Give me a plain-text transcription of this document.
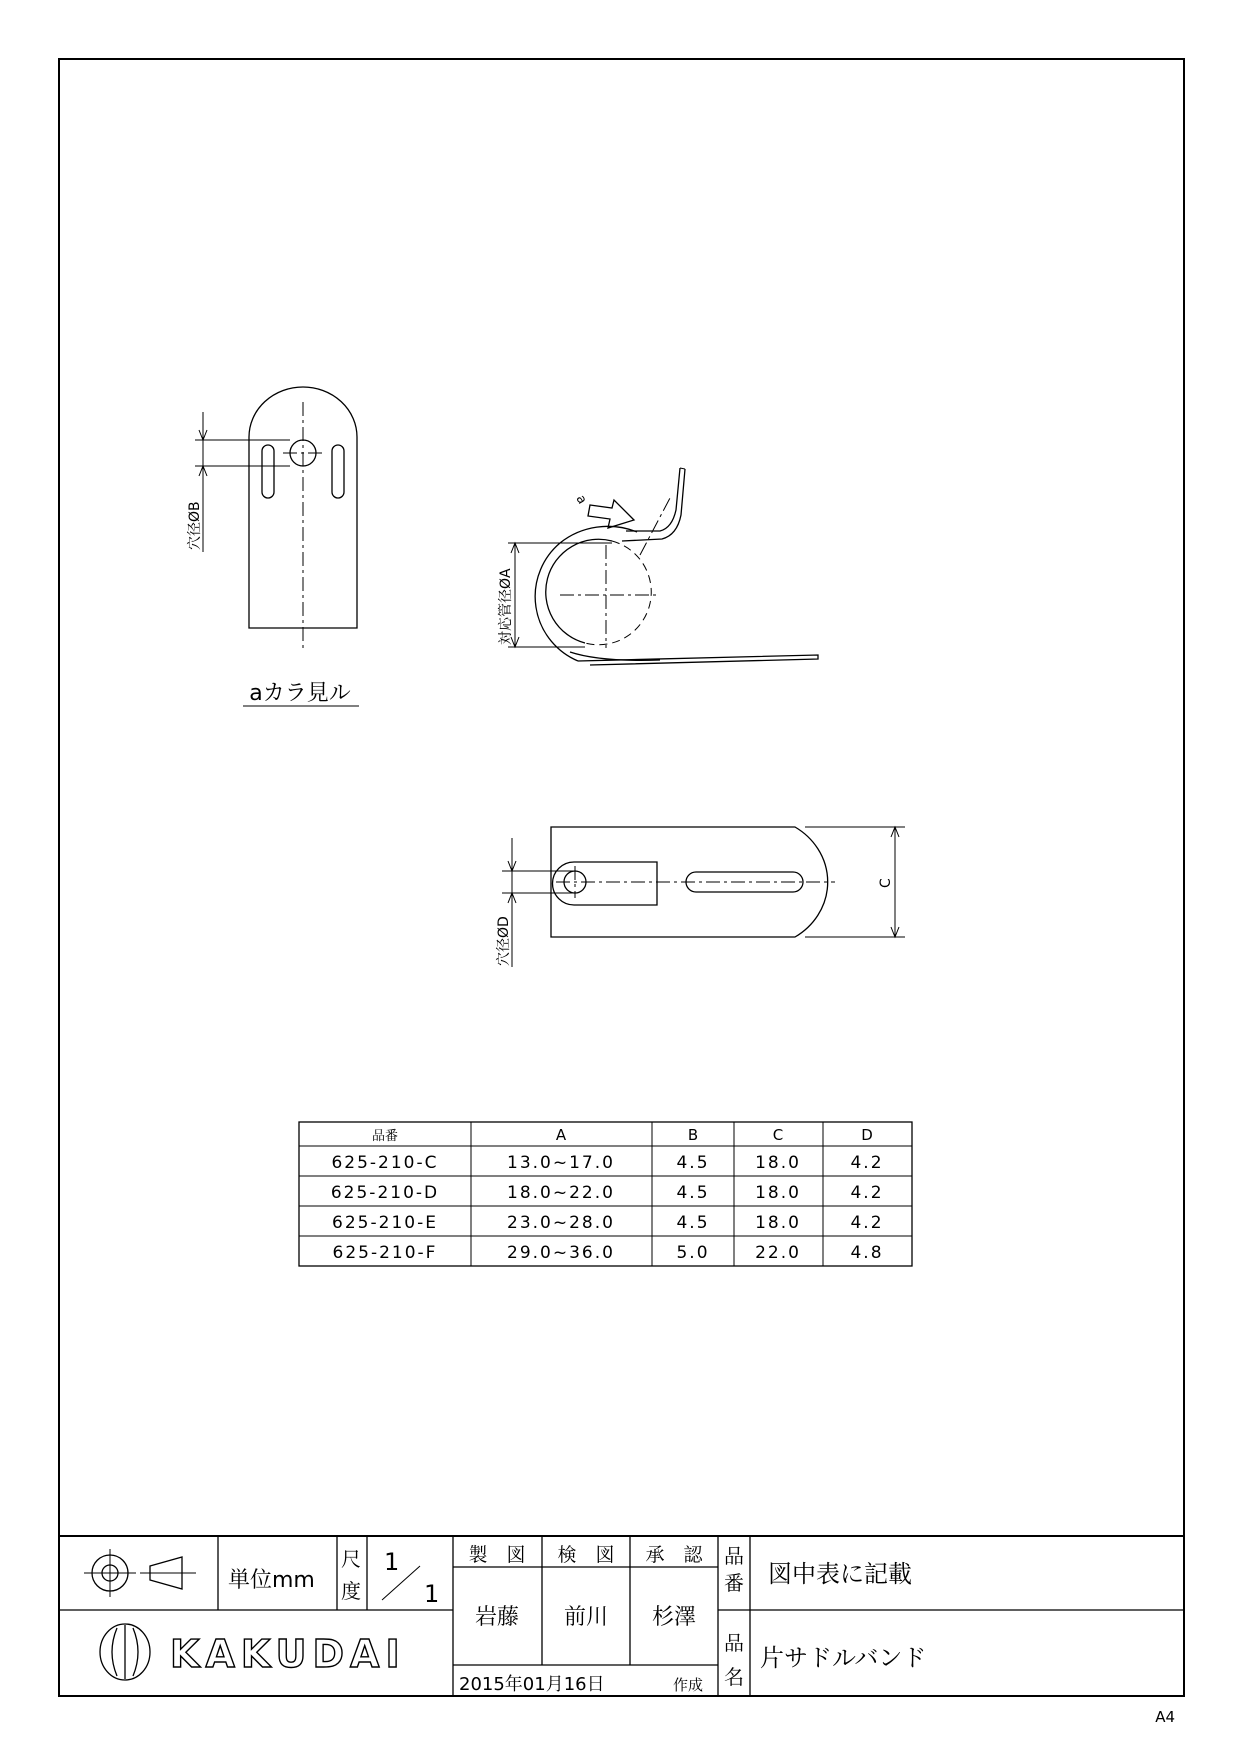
A4
穴径ØB
aカラ見ル
a
対応管径ØA
穴径ØD
C
品番	A	B	C	D
625-210-C	13.0~17.0	4.5	18.0	4.2
625-210-D	18.0~22.0	4.5	18.0	4.2
625-210-E	23.0~28.0	4.5	18.0	4.2
625-210-F	29.0~36.0	5.0	22.0	4.8
単位mm
尺
度
1
1
製　図 検　図 承　認
岩藤 前川 杉澤
2015年01月16日	作成
品
番 図中表に記載
品
名
片サドルバンド
KAKUDAI
